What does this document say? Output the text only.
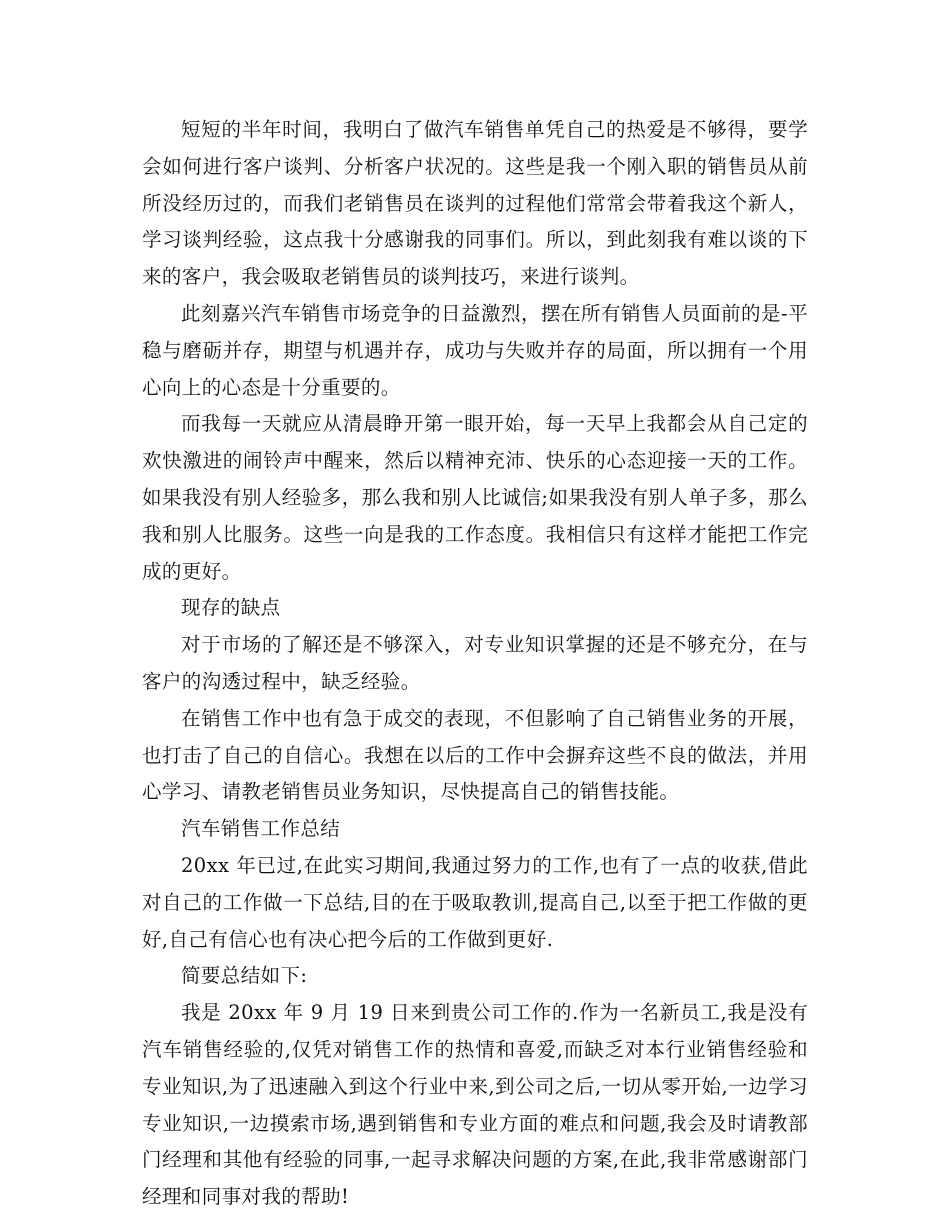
短短的半年时间，我明白了做汽车销售单凭自己的热爱是不够得，要学会如何进行客户谈判、分析客户状况的。这些是我一个刚入职的销售员从前所没经历过的，而我们老销售员在谈判的过程他们常常会带着我这个新人，学习谈判经验，这点我十分感谢我的同事们。所以，到此刻我有难以谈的下来的客户，我会吸取老销售员的谈判技巧，来进行谈判。

此刻嘉兴汽车销售市场竞争的日益激烈，摆在所有销售人员面前的是-平稳与磨砺并存，期望与机遇并存，成功与失败并存的局面，所以拥有一个用心向上的心态是十分重要的。

而我每一天就应从清晨睁开第一眼开始，每一天早上我都会从自己定的欢快激进的闹铃声中醒来，然后以精神充沛、快乐的心态迎接一天的工作。如果我没有别人经验多，那么我和别人比诚信;如果我没有别人单子多，那么我和别人比服务。这些一向是我的工作态度。我相信只有这样才能把工作完成的更好。

现存的缺点

对于市场的了解还是不够深入，对专业知识掌握的还是不够充分，在与客户的沟透过程中，缺乏经验。

在销售工作中也有急于成交的表现，不但影响了自己销售业务的开展，也打击了自己的自信心。我想在以后的工作中会摒弃这些不良的做法，并用心学习、请教老销售员业务知识，尽快提高自己的销售技能。

汽车销售工作总结

20xx 年已过,在此实习期间,我通过努力的工作,也有了一点的收获,借此对自己的工作做一下总结,目的在于吸取教训,提高自己,以至于把工作做的更好,自己有信心也有决心把今后的工作做到更好.

简要总结如下:

我是 20xx 年 9 月 19 日来到贵公司工作的.作为一名新员工,我是没有汽车销售经验的,仅凭对销售工作的热情和喜爱,而缺乏对本行业销售经验和专业知识,为了迅速融入到这个行业中来,到公司之后,一切从零开始,一边学习专业知识,一边摸索市场,遇到销售和专业方面的难点和问题,我会及时请教部门经理和其他有经验的同事,一起寻求解决问题的方案,在此,我非常感谢部门经理和同事对我的帮助!
